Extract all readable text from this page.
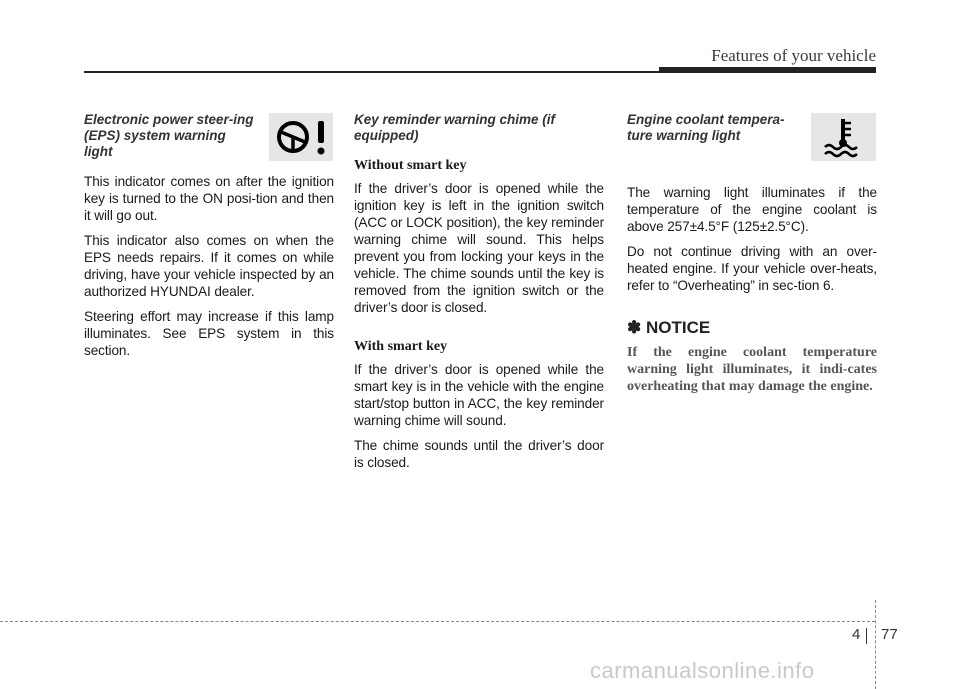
Features of your vehicle

Electronic power steer-ing (EPS) system warning light

This indicator comes on after the ignition key is turned to the ON posi-tion and then it will go out.

This indicator also comes on when the EPS needs repairs. If it comes on while driving, have your vehicle inspected by an authorized HYUNDAI dealer.

Steering effort may increase if this lamp illuminates. See EPS system in this section.

Key reminder warning chime (if equipped)

Without smart key

If the driver’s door is opened while the ignition key is left in the ignition switch (ACC or LOCK position), the key reminder warning chime will sound. This helps prevent you from locking your keys in the vehicle. The chime sounds until the key is removed from the ignition switch or the driver’s door is closed.

With smart key

If the driver’s door is opened while the smart key is in the vehicle with the engine start/stop button in ACC, the key reminder warning chime will sound.

The chime sounds until the driver’s door is closed.

Engine coolant tempera-ture warning light

The warning light illuminates if the temperature of the engine coolant is above 257±4.5°F (125±2.5°C).

Do not continue driving with an over-heated engine. If your vehicle over-heats, refer to “Overheating” in sec-tion 6.

✽ NOTICE

If the engine coolant temperature warning light illuminates, it indi-cates overheating that may damage the engine.

4 77
carmanualsonline.info
